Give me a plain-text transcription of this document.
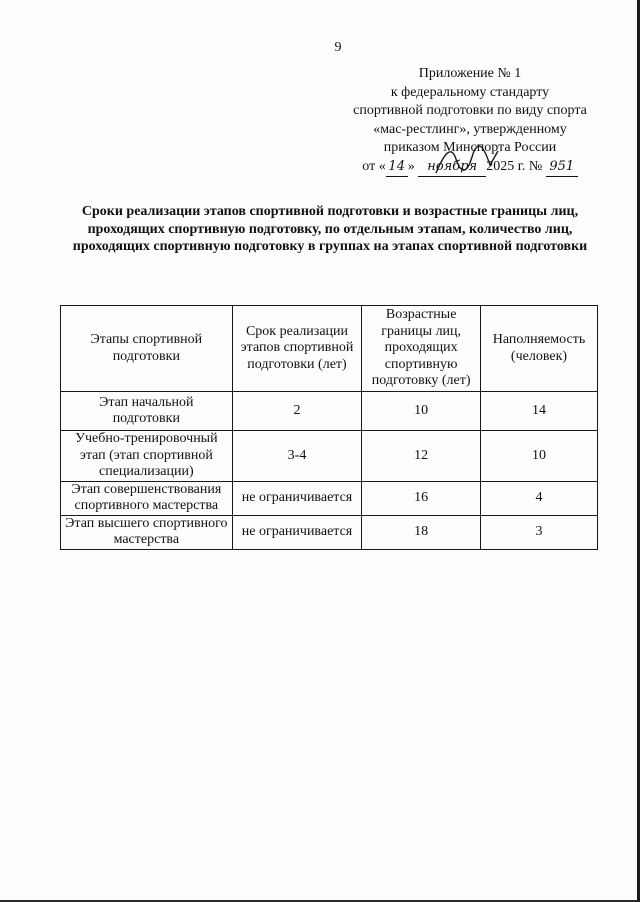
9
Приложение № 1
к федеральному стандарту
спортивной подготовки по виду спорта
«мас-рестлинг», утвержденному
приказом Минспорта России
от « 14 » ноября 2025 г. № 951
Сроки реализации этапов спортивной подготовки и возрастные границы лиц, проходящих спортивную подготовку, по отдельным этапам, количество лиц, проходящих спортивную подготовку в группах на этапах спортивной подготовки
Этапы спортивной подготовки	Срок реализации этапов спортивной подготовки (лет)	Возрастные границы лиц, проходящих спортивную подготовку (лет)	Наполняемость (человек)
Этап начальной подготовки	2	10	14
Учебно-тренировочный этап (этап спортивной специализации)	3-4	12	10
Этап совершенствования спортивного мастерства	не ограничивается	16	4
Этап высшего спортивного мастерства	не ограничивается	18	3
